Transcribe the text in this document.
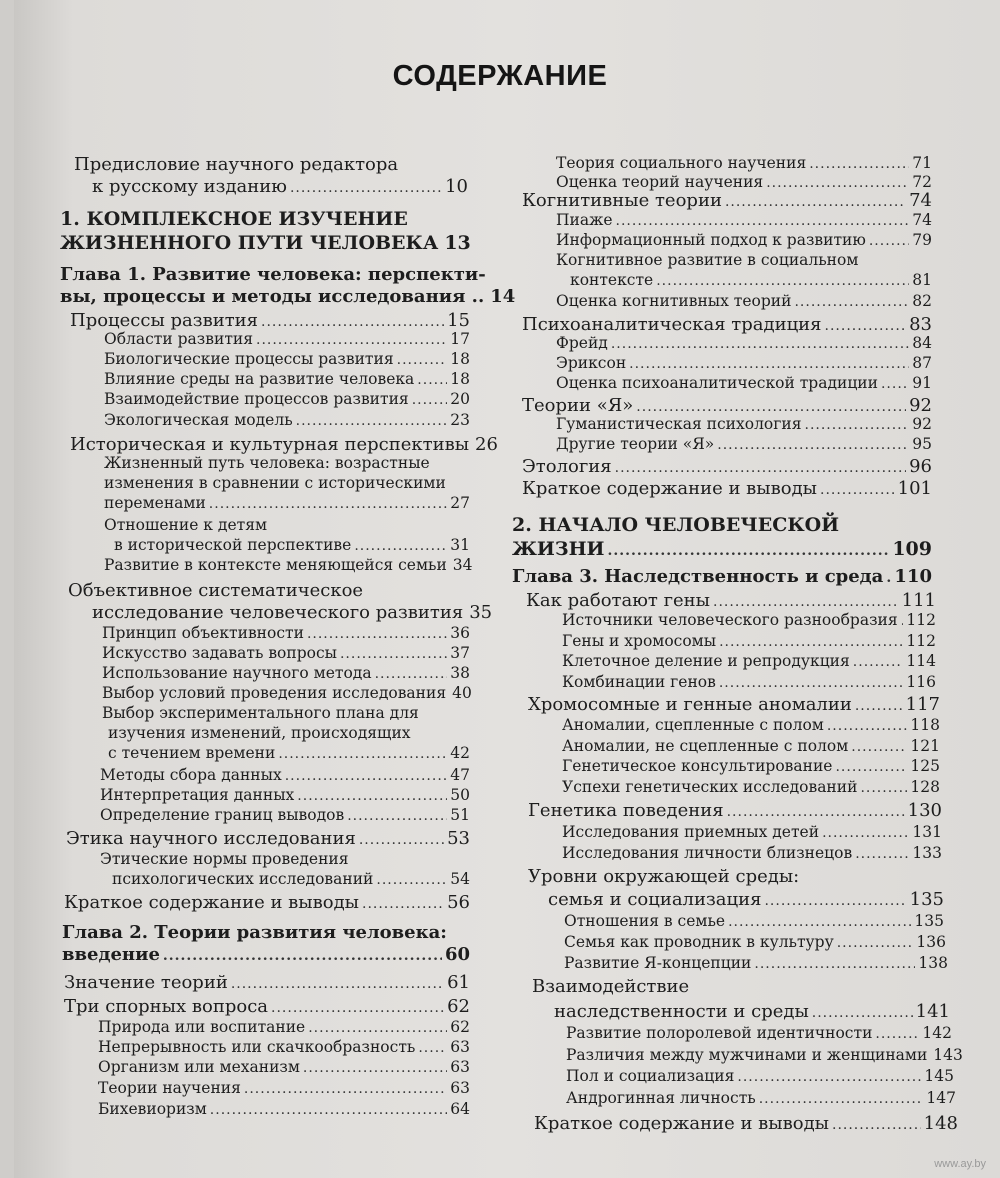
СОДЕРЖАНИЕ
Предисловие научного редактора
к русскому изданию .....	10
1. КОМПЛЕКСНОЕ ИЗУЧЕНИЕ
ЖИЗНЕННОГО ПУТИ ЧЕЛОВЕКА 13
Глава 1. Развитие человека: перспекти-
вы, процессы и методы исследования .. 14
Процессы развития .....	15
Области развития .....	17
Биологические процессы развития .....	18
Влияние среды на развитие человека ..... 18
Взаимодействие процессов развития .....	20
Экологическая модель .....	23
Историческая и культурная перспективы 26
Жизненный путь человека: возрастные
изменения в сравнении с историческими
переменами .....	27
Отношение к детям
в исторической перспективе .....	31
Развитие в контексте меняющейся семьи 34
Объективное систематическое
исследование человеческого развития 35
Принцип объективности .....	36
Искусство задавать вопросы .....	37
Использование научного метода .....	38
Выбор условий проведения исследования 40
Выбор экспериментального плана для
изучения изменений, происходящих
с течением времени .....	42
Методы сбора данных .....	47
Интерпретация данных .....	50
Определение границ выводов .....	51
Этика научного исследования .....	53
Этические нормы проведения
психологических исследований .....	54
Краткое содержание и выводы .....	56
Глава 2. Теории развития человека:
введение .....	60
Значение теорий .....	61
Три спорных вопроса .....	62
Природа или воспитание .....	62
Непрерывность или скачкообразность ..... 63
Организм или механизм .....	63
Теории научения .....	63
Бихевиоризм .....	64
Теория социального научения .....	71
Оценка теорий научения .....	72
Когнитивные теории .....	74
Пиаже .....	74
Информационный подход к развитию .....	79
Когнитивное развитие в социальном
контексте .....	81
Оценка когнитивных теорий .....	82
Психоаналитическая традиция .....	83
Фрейд .....	84
Эриксон .....	87
Оценка психоаналитической традиции ..... 91
Теории «Я» .....	92
Гуманистическая психология .....	92
Другие теории «Я» .....	95
Этология .....	96
Краткое содержание и выводы .....	101
2. НАЧАЛО ЧЕЛОВЕЧЕСКОЙ
ЖИЗНИ .....	109
Глава 3. Наследственность и среда ..... 110
Как работают гены .....	111
Источники человеческого разнообразия ..... 112
Гены и хромосомы .....	112
Клеточное деление и репродукция .....	114
Комбинации генов .....	116
Хромосомные и генные аномалии .....	117
Аномалии, сцепленные с полом .....	118
Аномалии, не сцепленные с полом .....	121
Генетическое консультирование .....	125
Успехи генетических исследований .....	128
Генетика поведения .....	130
Исследования приемных детей .....	131
Исследования личности близнецов .....	133
Уровни окружающей среды:
семья и социализация .....	135
Отношения в семье .....	135
Семья как проводник в культуру .....	136
Развитие Я-концепции .....	138
Взаимодействие
наследственности и среды .....	141
Развитие полоролевой идентичности .....	142
Различия между мужчинами и женщинами 143
Пол и социализация .....	145
Андрогинная личность .....	147
Краткое содержание и выводы .....	148
www.ay.by
